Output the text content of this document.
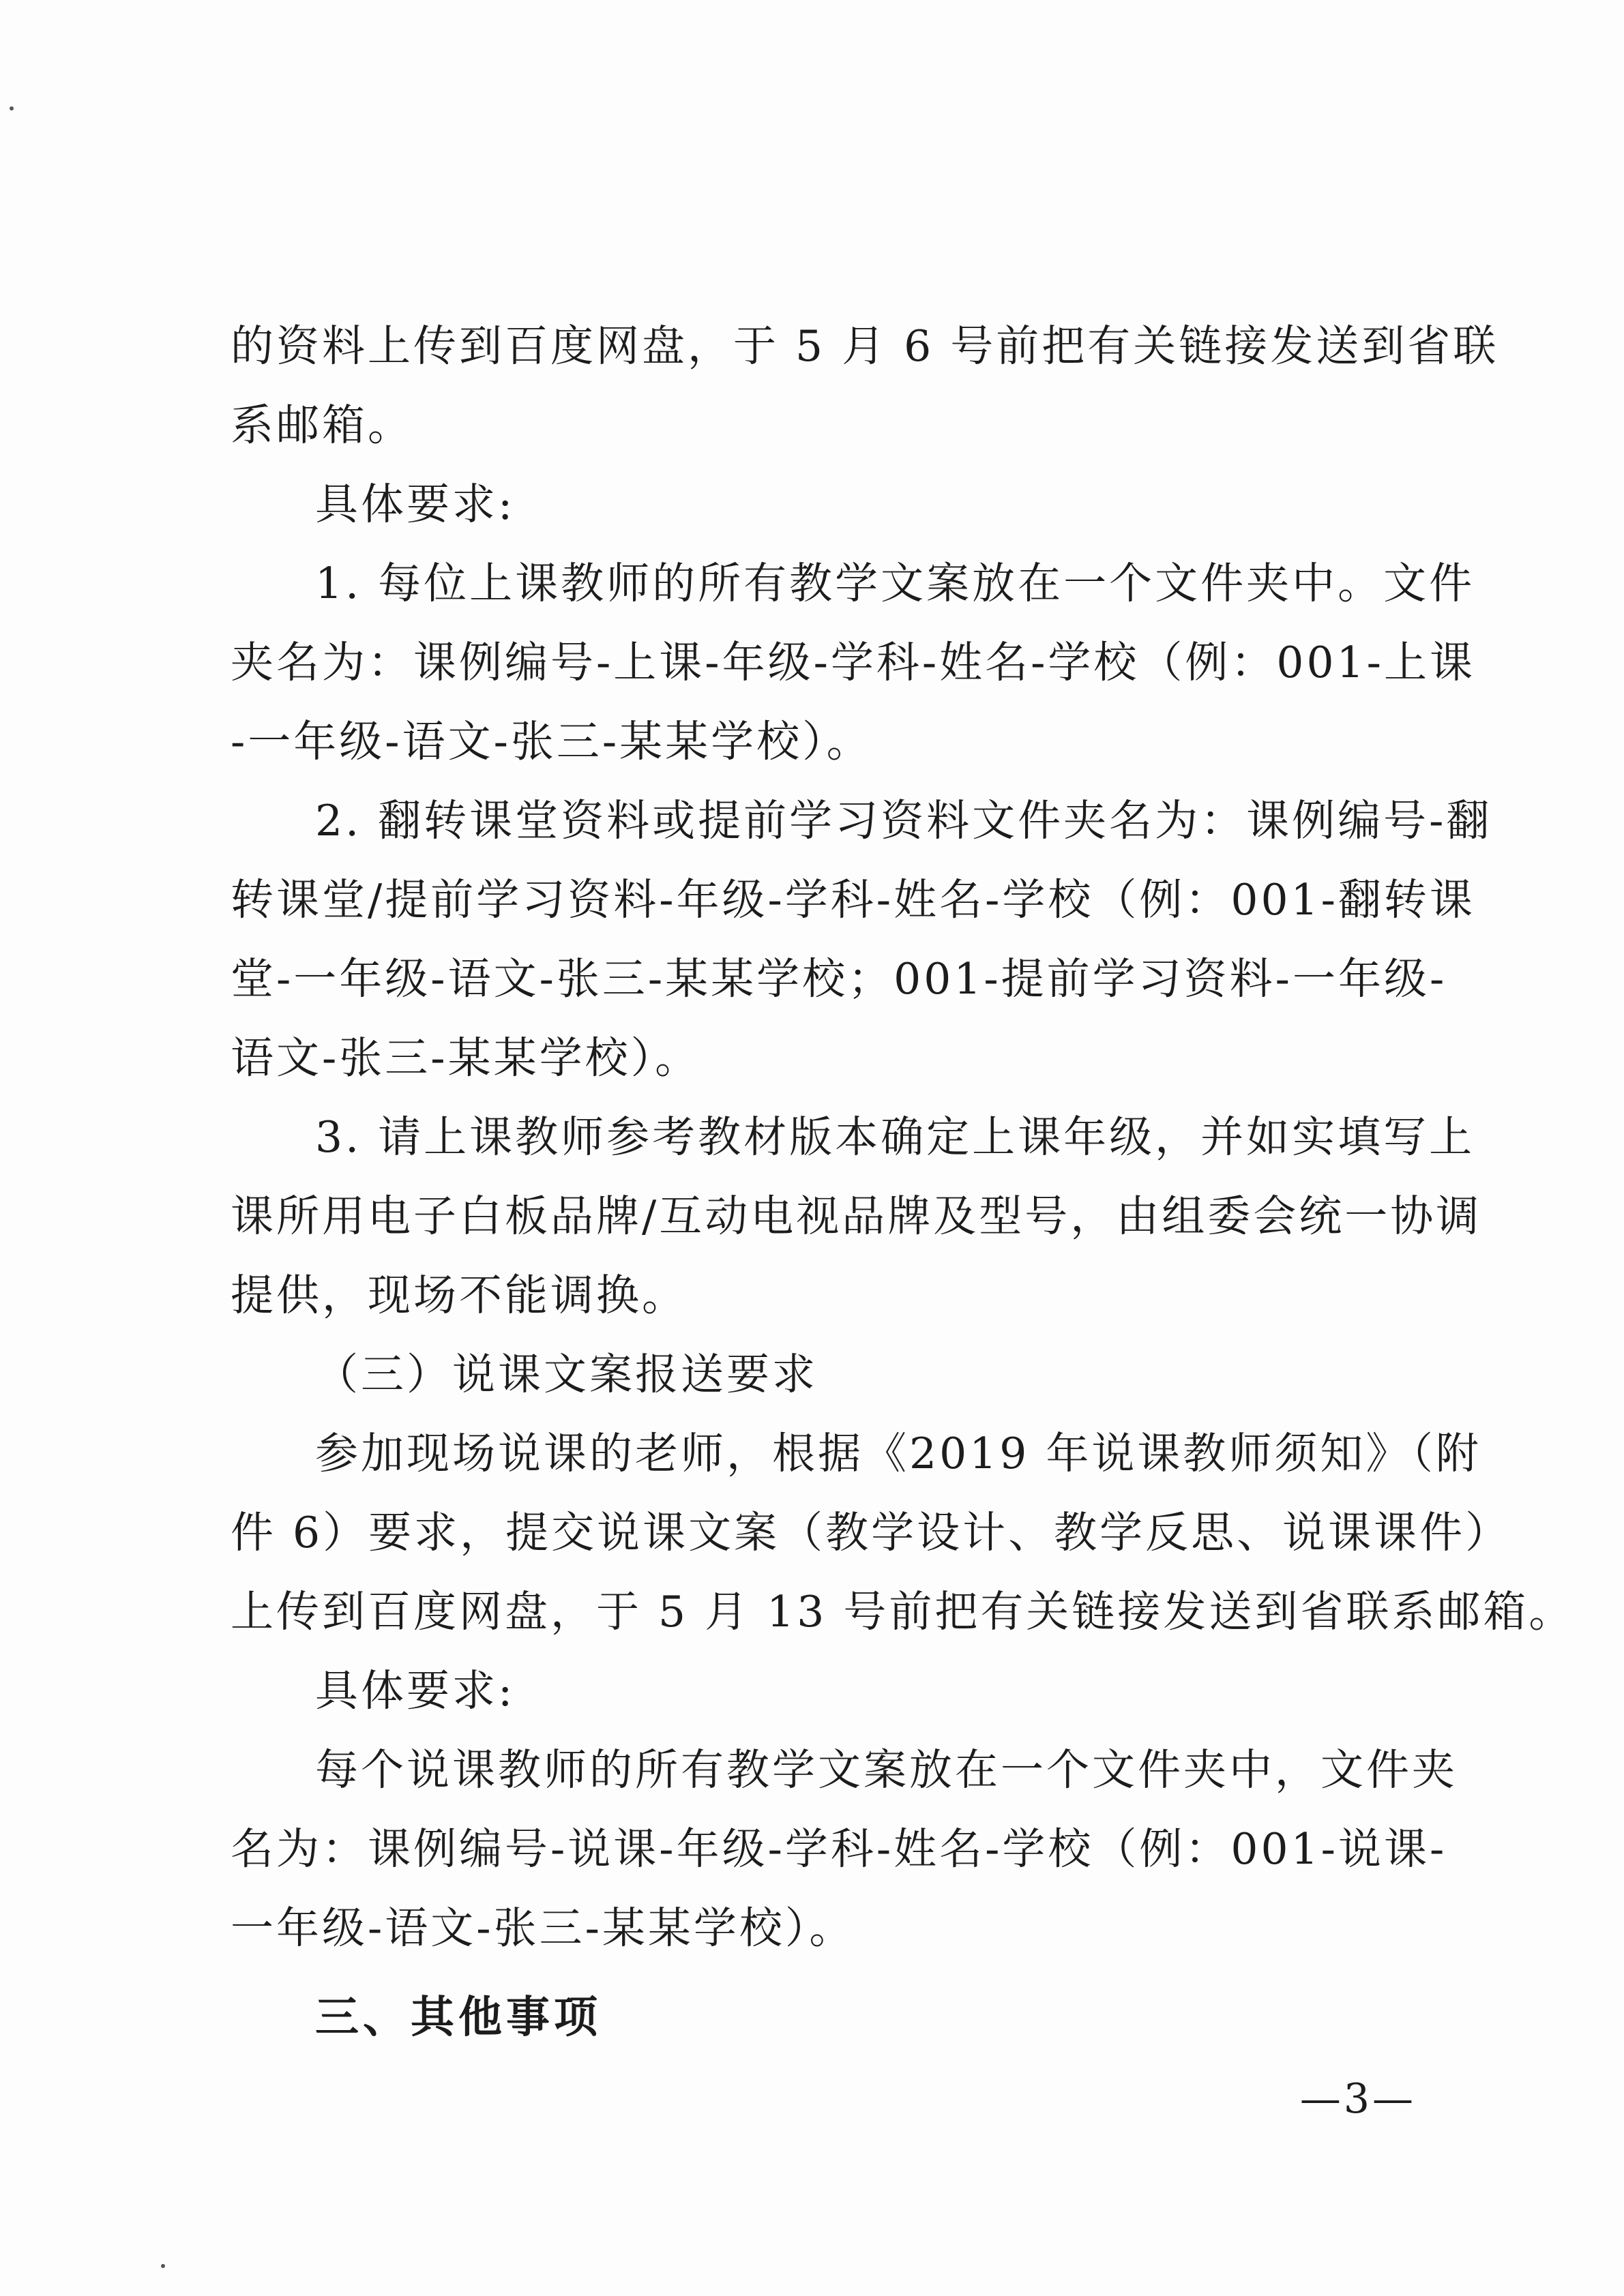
的资料上传到百度网盘，于 5 月 6 号前把有关链接发送到省联
系邮箱。
具体要求:
1. 每位上课教师的所有教学文案放在一个文件夹中。文件
夹名为：课例编号-上课-年级-学科-姓名-学校（例：001-上课
-一年级-语文-张三-某某学校）。
2. 翻转课堂资料或提前学习资料文件夹名为：课例编号-翻
转课堂/提前学习资料-年级-学科-姓名-学校（例：001-翻转课
堂-一年级-语文-张三-某某学校；001-提前学习资料-一年级-
语文-张三-某某学校）。
3. 请上课教师参考教材版本确定上课年级，并如实填写上
课所用电子白板品牌/互动电视品牌及型号，由组委会统一协调
提供，现场不能调换。
（三）说课文案报送要求
参加现场说课的老师，根据《2019 年说课教师须知》（附
件 6）要求，提交说课文案（教学设计、教学反思、说课课件）
上传到百度网盘，于 5 月 13 号前把有关链接发送到省联系邮箱。
具体要求:
每个说课教师的所有教学文案放在一个文件夹中，文件夹
名为：课例编号-说课-年级-学科-姓名-学校（例：001-说课-
一年级-语文-张三-某某学校）。
三、其他事项
—3—
